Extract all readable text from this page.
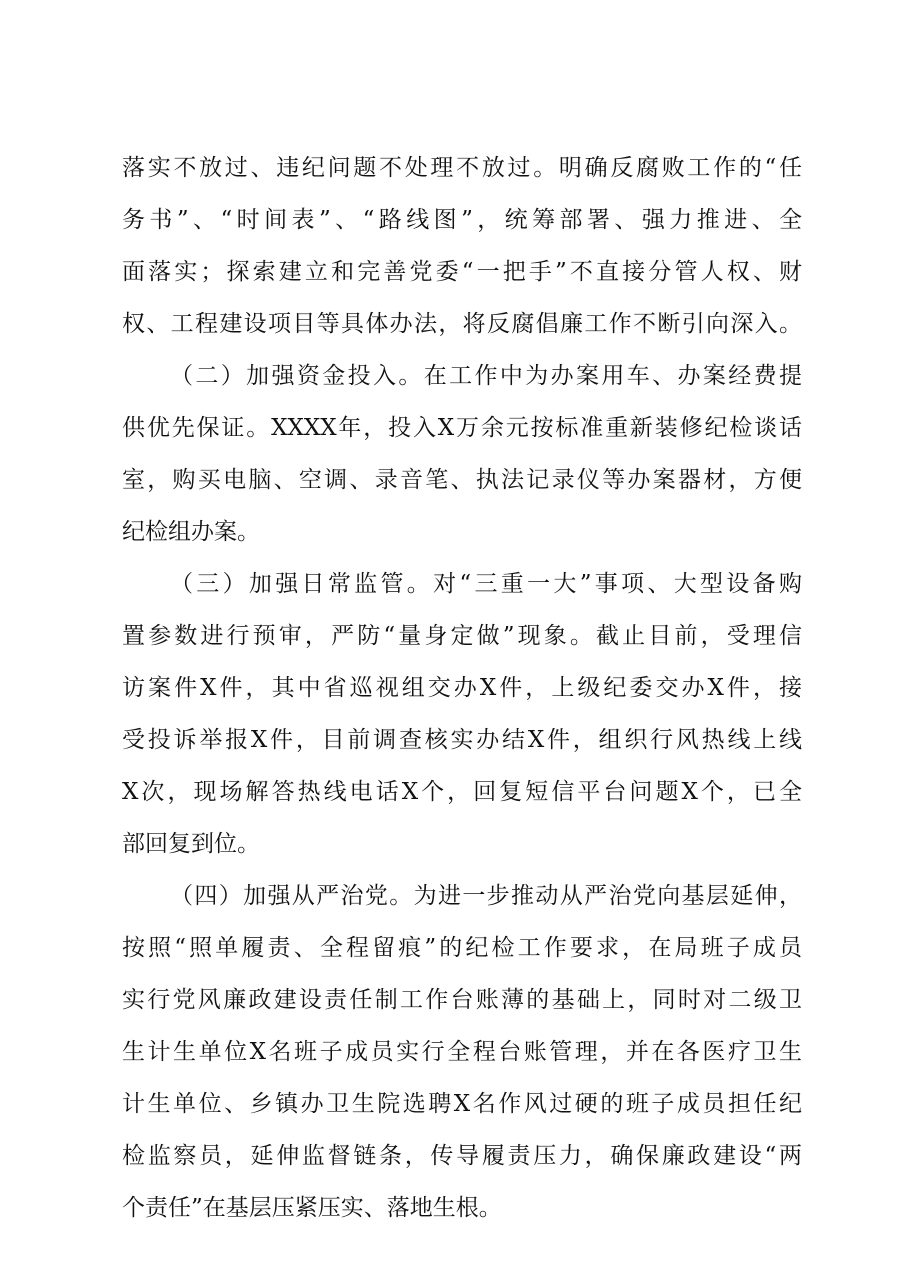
落实不放过、违纪问题不处理不放过。明确反腐败工作的“任
务书”、“时间表”、“路线图”，统筹部署、强力推进、全
面落实；探索建立和完善党委“一把手”不直接分管人权、财
权、工程建设项目等具体办法，将反腐倡廉工作不断引向深入。
（二）加强资金投入。在工作中为办案用车、办案经费提
供优先保证。XXXX年，投入X万余元按标准重新装修纪检谈话
室，购买电脑、空调、录音笔、执法记录仪等办案器材，方便
纪检组办案。
（三）加强日常监管。对“三重一大”事项、大型设备购
置参数进行预审，严防“量身定做”现象。截止目前，受理信
访案件X件，其中省巡视组交办X件，上级纪委交办X件，接
受投诉举报X件，目前调查核实办结X件，组织行风热线上线
X次，现场解答热线电话X个，回复短信平台问题X个，已全
部回复到位。
（四）加强从严治党。为进一步推动从严治党向基层延伸，
按照“照单履责、全程留痕”的纪检工作要求，在局班子成员
实行党风廉政建设责任制工作台账薄的基础上，同时对二级卫
生计生单位X名班子成员实行全程台账管理，并在各医疗卫生
计生单位、乡镇办卫生院选聘X名作风过硬的班子成员担任纪
检监察员，延伸监督链条，传导履责压力，确保廉政建设“两
个责任”在基层压紧压实、落地生根。
